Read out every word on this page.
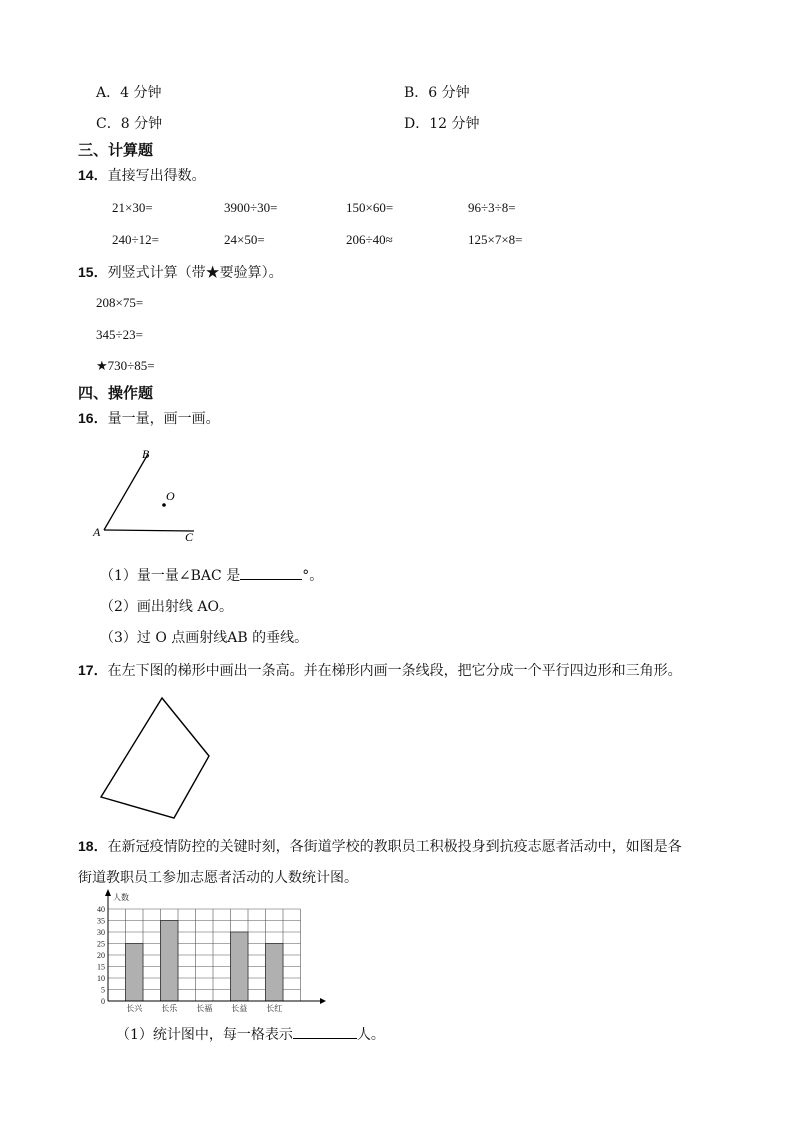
A．4 分钟	B．6 分钟
C．8 分钟	D．12 分钟
三、计算题
14．直接写出得数。
21×30=	3900÷30=	150×60=	96÷3÷8=
240÷12=	24×50=	206÷40≈	125×7×8=
15．列竖式计算（带★要验算）。
208×75=
345÷23=
★730÷85=
四、操作题
16．量一量，画一画。
B
O
A	C
（1）量一量∠BAC 是	°。
（2）画出射线 AO。
（3）过 O 点画射线AB 的垂线。
17．在左下图的梯形中画出一条高。并在梯形内画一条线段，把它分成一个平行四边形和三角形。
18．在新冠疫情防控的关键时刻，各街道学校的教职员工积极投身到抗疫志愿者活动中，如图是各
街道教职员工参加志愿者活动的人数统计图。
长兴 长乐 长福 长益 长红
0
5
10
15
20
25
30
35
40
人数
（1）统计图中，每一格表示	人。
